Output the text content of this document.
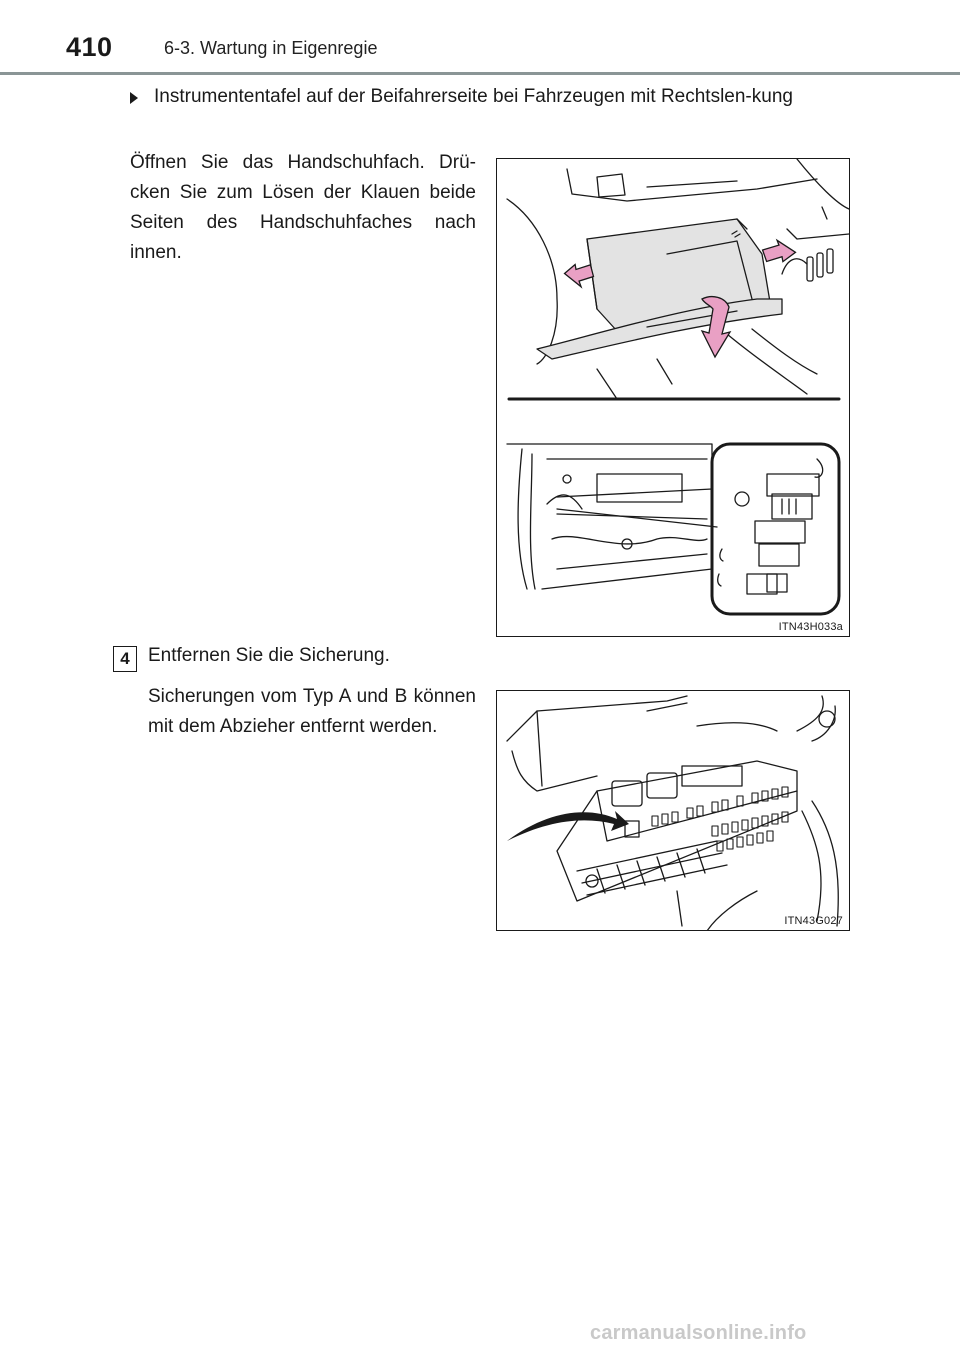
410	6-3. Wartung in Eigenregie
Instrumententafel auf der Beifahrerseite bei Fahrzeugen mit Rechtslen-kung
Öffnen Sie das Handschuhfach. Drü-cken Sie zum Lösen der Klauen beide Seiten des Handschuhfaches nach innen.
ITN43H033a
4 Entfernen Sie die Sicherung.
Sicherungen vom Typ A und B können mit dem Abzieher entfernt werden.
ITN43G027
carmanualsonline.info
